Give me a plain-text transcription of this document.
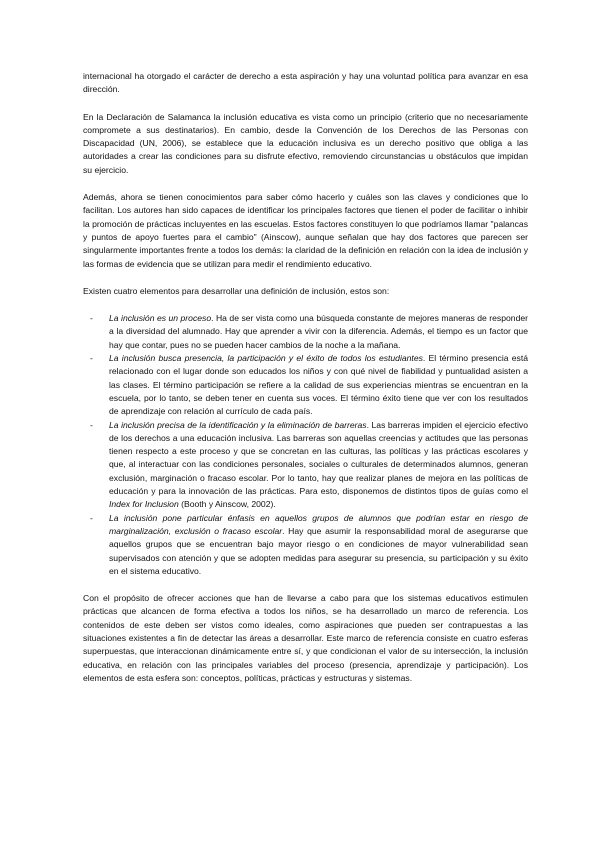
internacional ha otorgado el carácter de derecho a esta aspiración y hay una voluntad política para avanzar en esa dirección.

En la Declaración de Salamanca la inclusión educativa es vista como un principio (criterio que no necesariamente compromete a sus destinatarios). En cambio, desde la Convención de los Derechos de las Personas con Discapacidad (UN, 2006), se establece que la educación inclusiva es un derecho positivo que obliga a las autoridades a crear las condiciones para su disfrute efectivo, removiendo circunstancias u obstáculos que impidan su ejercicio.

Además, ahora se tienen conocimientos para saber cómo hacerlo y cuáles son las claves y condiciones que lo facilitan. Los autores han sido capaces de identificar los principales factores que tienen el poder de facilitar o inhibir la promoción de prácticas incluyentes en las escuelas. Estos factores constituyen lo que podríamos llamar "palancas y puntos de apoyo fuertes para el cambio" (Ainscow), aunque señalan que hay dos factores que parecen ser singularmente importantes frente a todos los demás: la claridad de la definición en relación con la idea de inclusión y las formas de evidencia que se utilizan para medir el rendimiento educativo.

Existen cuatro elementos para desarrollar una definición de inclusión, estos son:

- La inclusión es un proceso. Ha de ser vista como una búsqueda constante de mejores maneras de responder a la diversidad del alumnado. Hay que aprender a vivir con la diferencia. Además, el tiempo es un factor que hay que contar, pues no se pueden hacer cambios de la noche a la mañana.
- La inclusión busca presencia, la participación y el éxito de todos los estudiantes. El término presencia está relacionado con el lugar donde son educados los niños y con qué nivel de fiabilidad y puntualidad asisten a las clases. El término participación se refiere a la calidad de sus experiencias mientras se encuentran en la escuela, por lo tanto, se deben tener en cuenta sus voces. El término éxito tiene que ver con los resultados de aprendizaje con relación al currículo de cada país.
- La inclusión precisa de la identificación y la eliminación de barreras. Las barreras impiden el ejercicio efectivo de los derechos a una educación inclusiva. Las barreras son aquellas creencias y actitudes que las personas tienen respecto a este proceso y que se concretan en las culturas, las políticas y las prácticas escolares y que, al interactuar con las condiciones personales, sociales o culturales de determinados alumnos, generan exclusión, marginación o fracaso escolar. Por lo tanto, hay que realizar planes de mejora en las políticas de educación y para la innovación de las prácticas. Para esto, disponemos de distintos tipos de guías como el Index for Inclusion (Booth y Ainscow, 2002).
- La inclusión pone particular énfasis en aquellos grupos de alumnos que podrían estar en riesgo de marginalización, exclusión o fracaso escolar. Hay que asumir la responsabilidad moral de asegurarse que aquellos grupos que se encuentran bajo mayor riesgo o en condiciones de mayor vulnerabilidad sean supervisados con atención y que se adopten medidas para asegurar su presencia, su participación y su éxito en el sistema educativo.

Con el propósito de ofrecer acciones que han de llevarse a cabo para que los sistemas educativos estimulen prácticas que alcancen de forma efectiva a todos los niños, se ha desarrollado un marco de referencia. Los contenidos de este deben ser vistos como ideales, como aspiraciones que pueden ser contrapuestas a las situaciones existentes a fin de detectar las áreas a desarrollar. Este marco de referencia consiste en cuatro esferas superpuestas, que interaccionan dinámicamente entre sí, y que condicionan el valor de su intersección, la inclusión educativa, en relación con las principales variables del proceso (presencia, aprendizaje y participación). Los elementos de esta esfera son: conceptos, políticas, prácticas y estructuras y sistemas.
